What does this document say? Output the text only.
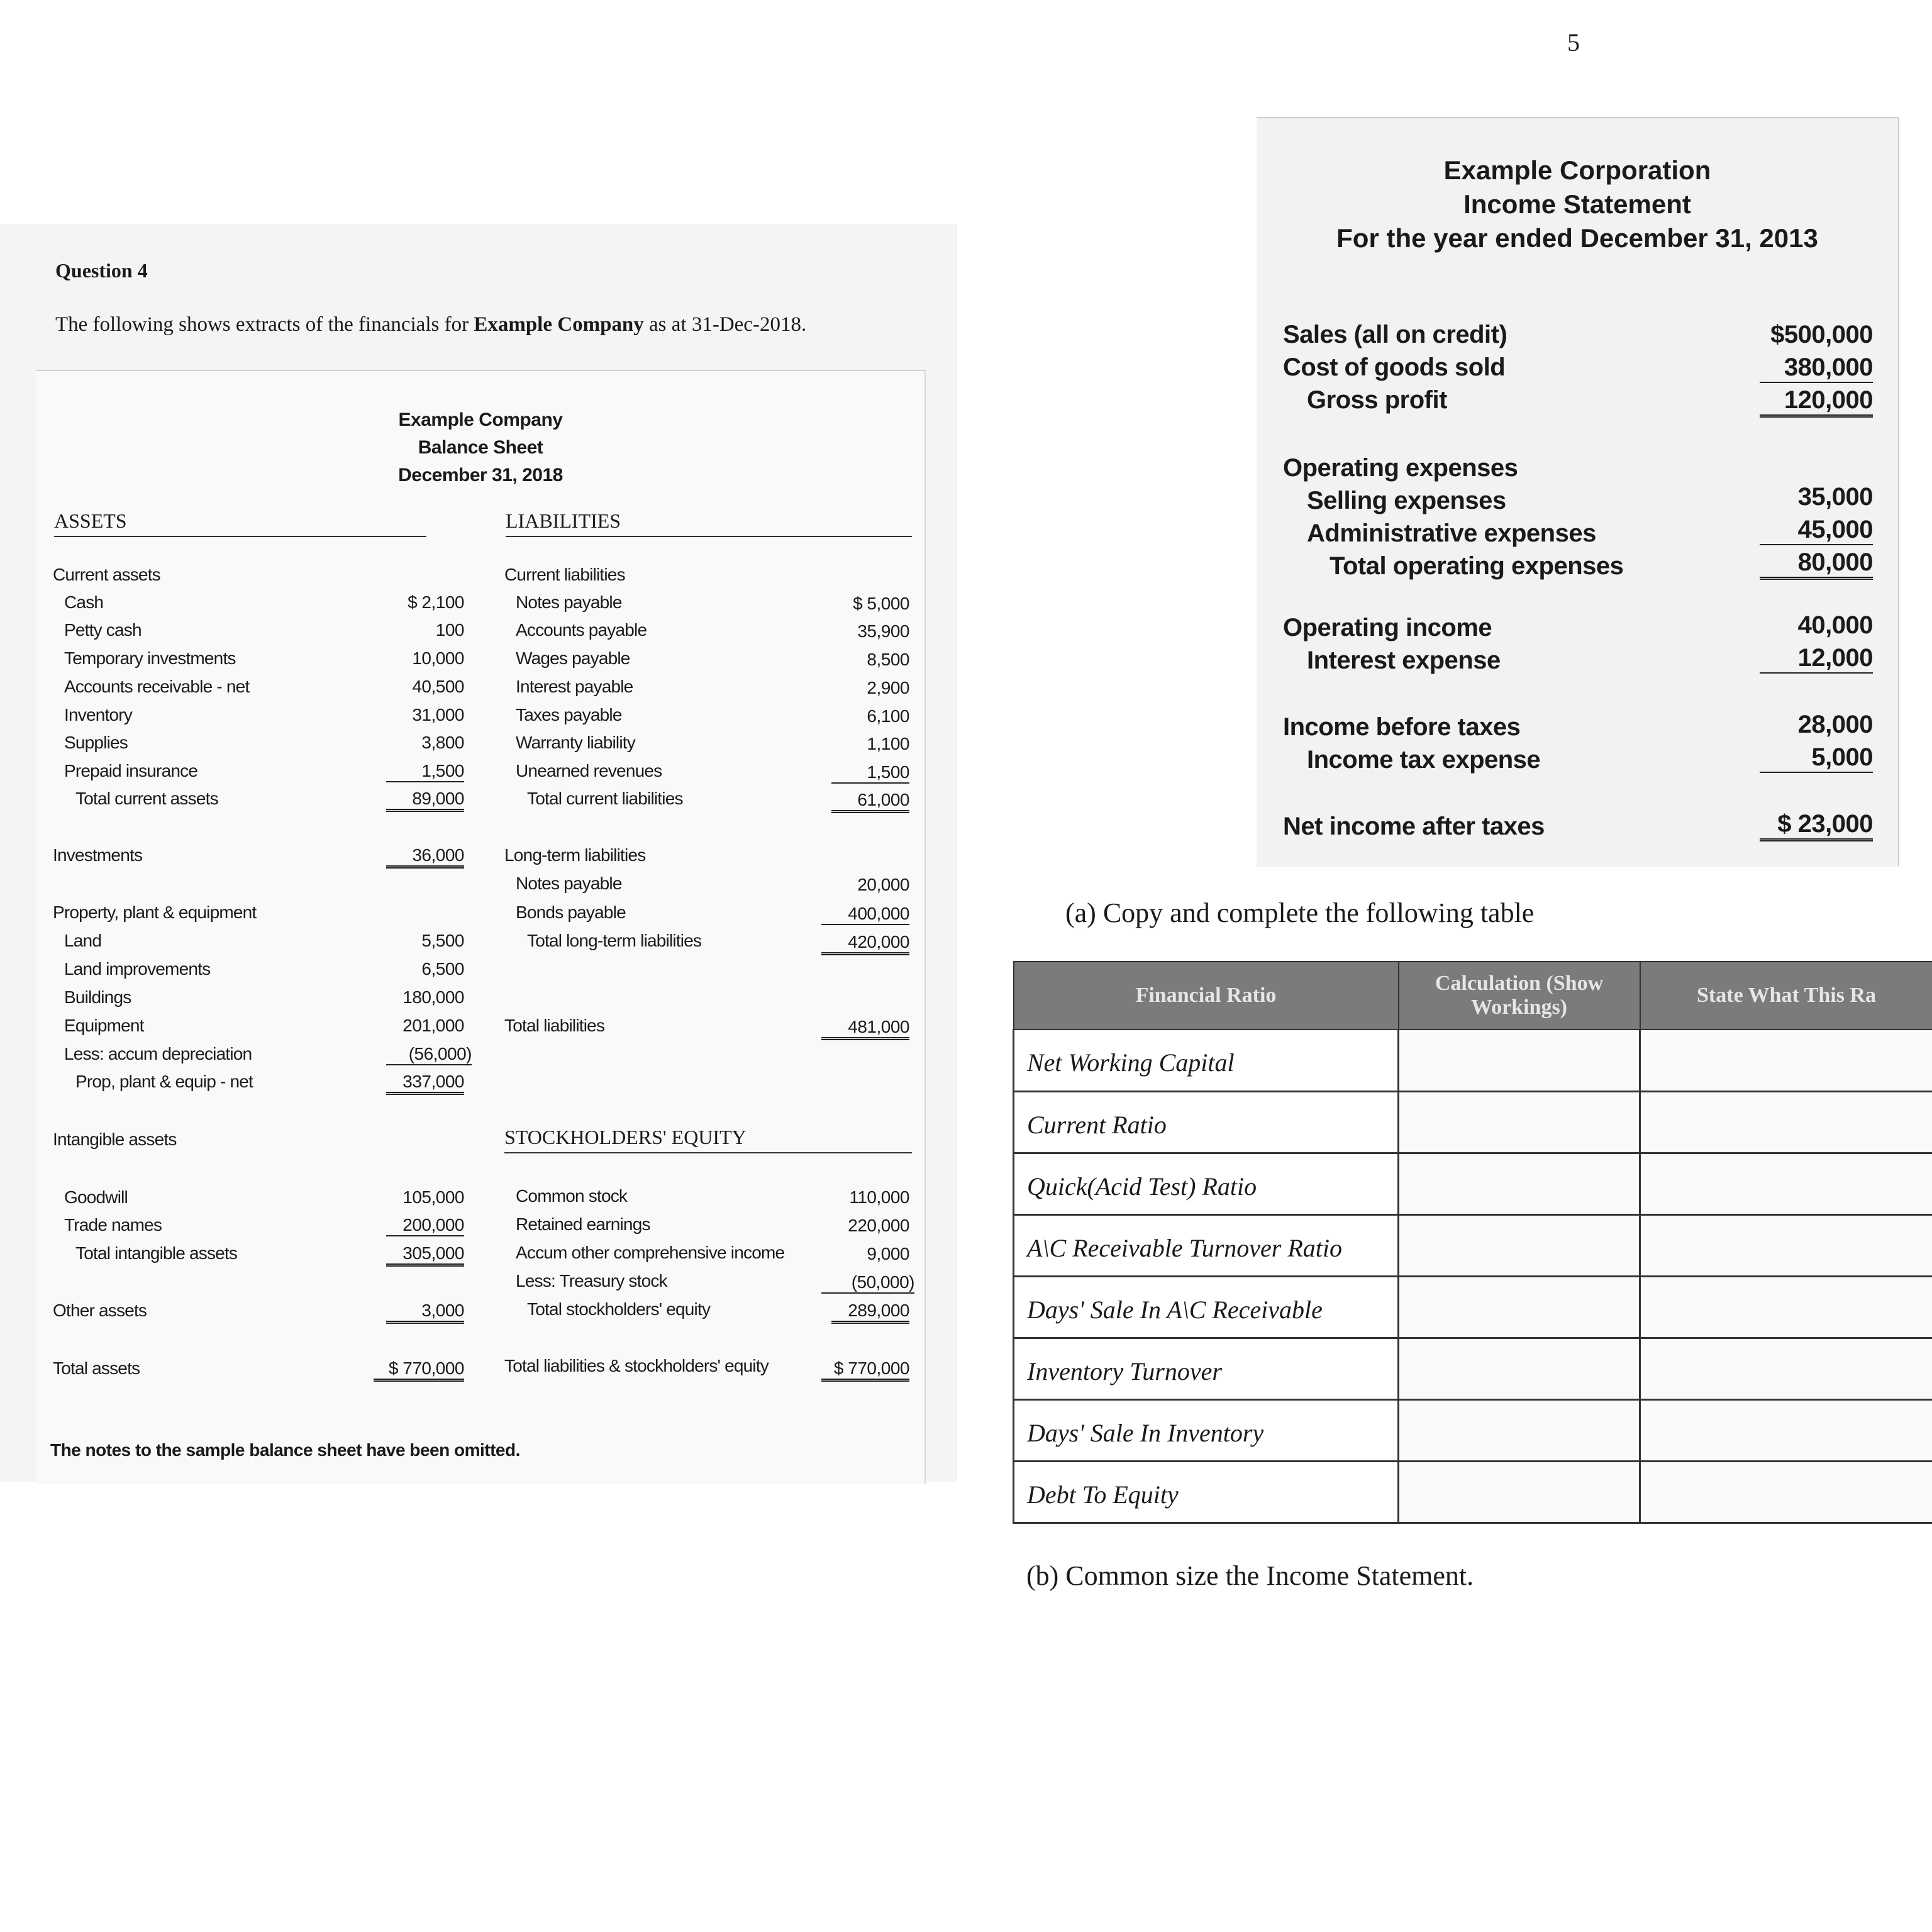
Question 4
The following shows extracts of the financials for Example Company as at 31-Dec-2018.
Example Company
Balance Sheet
December 31, 2018
ASSETS	LIABILITIES
Current assets
Cash	$ 2,100
Petty cash	100
Temporary investments	10,000
Accounts receivable - net	40,500
Inventory	31,000
Supplies	3,800
Prepaid insurance	1,500
Total current assets	89,000
Investments	36,000
Property, plant & equipment
Land	5,500
Land improvements	6,500
Buildings	180,000
Equipment	201,000
Less: accum depreciation	(56,000)
Prop, plant & equip - net	337,000
Intangible assets
Goodwill	105,000
Trade names	200,000
Total intangible assets	305,000
Other assets	3,000
Total assets	$ 770,000
Current liabilities
Notes payable	$ 5,000
Accounts payable	35,900
Wages payable	8,500
Interest payable	2,900
Taxes payable	6,100
Warranty liability	1,100
Unearned revenues	1,500
Total current liabilities	61,000
Long-term liabilities
Notes payable	20,000
Bonds payable	400,000
Total long-term liabilities	420,000
Total liabilities	481,000
STOCKHOLDERS' EQUITY
Common stock	110,000
Retained earnings	220,000
Accum other comprehensive income	9,000
Less: Treasury stock	(50,000)
Total stockholders' equity	289,000
Total liabilities & stockholders' equity	$ 770,000
The notes to the sample balance sheet have been omitted.
5
Example Corporation
Income Statement
For the year ended December 31, 2013
Sales (all on credit)	$500,000
Cost of goods sold	380,000
Gross profit	120,000
Operating expenses
Selling expenses	35,000
Administrative expenses	45,000
Total operating expenses	80,000
Operating income	40,000
Interest expense	12,000
Income before taxes	28,000
Income tax expense	5,000
Net income after taxes	$ 23,000
(a) Copy and complete the following table
Financial Ratio	Calculation (Show Workings)	State What This Ra
Net Working Capital		
Current Ratio		
Quick(Acid Test) Ratio		
A\C Receivable Turnover Ratio		
Days' Sale In A\C Receivable		
Inventory Turnover		
Days' Sale In Inventory		
Debt To Equity		
(b) Common size the Income Statement.
